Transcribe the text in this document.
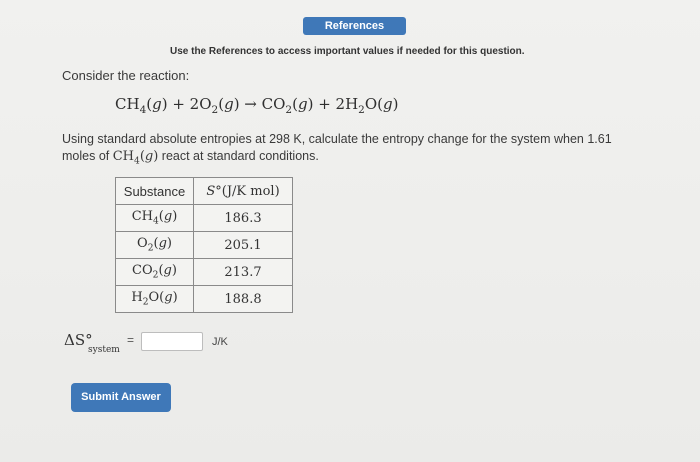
References
Use the References to access important values if needed for this question.
Consider the reaction:
$CH_4(g) + 2O_2(g) \to CO_2(g) + 2H_2O(g)$
Using standard absolute entropies at 298 K, calculate the entropy change for the system when 1.61 moles of $CH_4(g)$ react at standard conditions.
Substance	S°(J/K mol)
$CH_4(g)$	186.3
$O_2(g)$	205.1
$CO_2(g)$	213.7
$H_2O(g)$	188.8
ΔS°
system
=	J/K
Submit Answer
